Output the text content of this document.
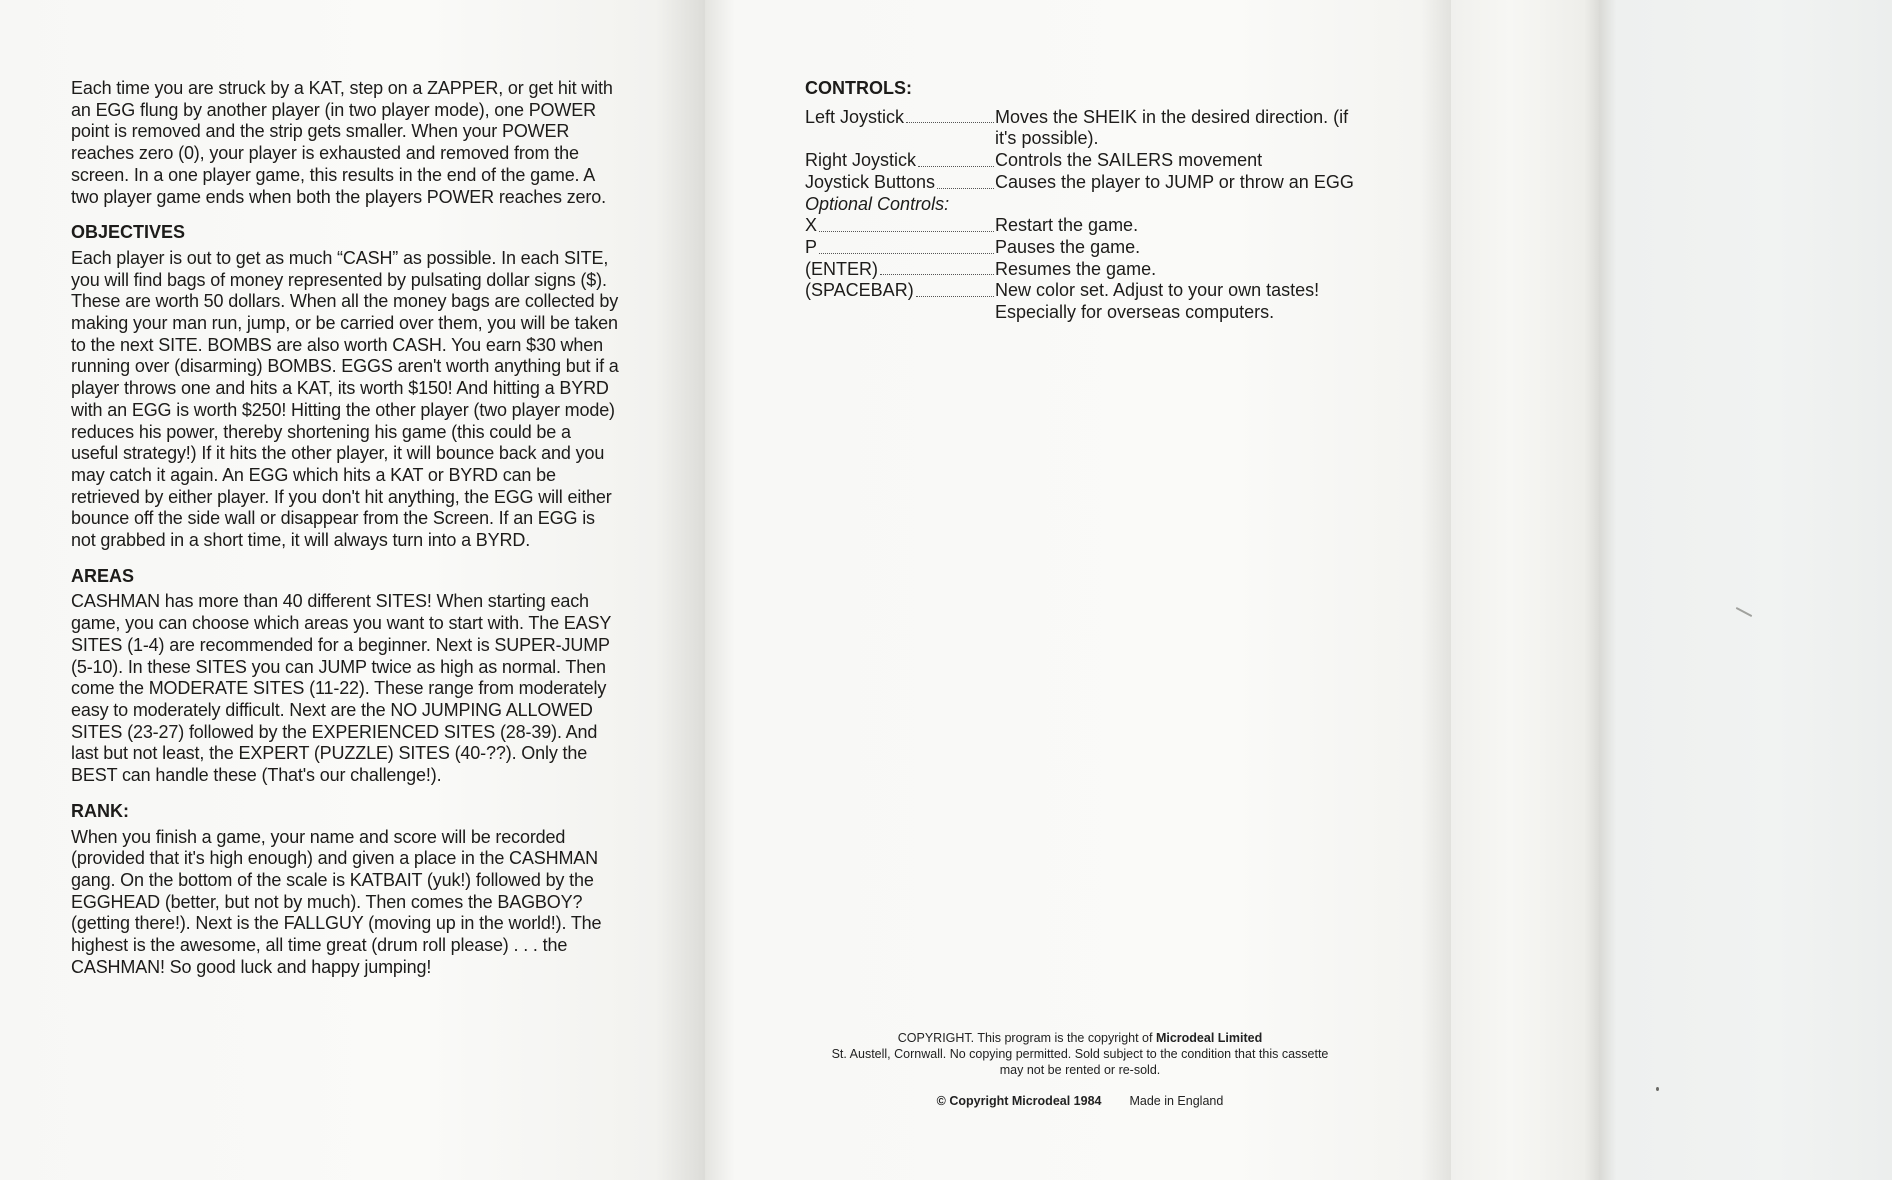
Each time you are struck by a KAT, step on a ZAPPER, or get hit with an EGG flung by another player (in two player mode), one POWER point is removed and the strip gets smaller. When your POWER reaches zero (0), your player is exhausted and removed from the screen. In a one player game, this results in the end of the game. A two player game ends when both the players POWER reaches zero.

OBJECTIVES

Each player is out to get as much “CASH” as possible. In each SITE, you will find bags of money represented by pulsating dollar signs ($). These are worth 50 dollars. When all the money bags are collected by making your man run, jump, or be carried over them, you will be taken to the next SITE. BOMBS are also worth CASH. You earn $30 when running over (disarming) BOMBS. EGGS aren't worth anything but if a player throws one and hits a KAT, its worth $150! And hitting a BYRD with an EGG is worth $250! Hitting the other player (two player mode) reduces his power, thereby shortening his game (this could be a useful strategy!) If it hits the other player, it will bounce back and you may catch it again. An EGG which hits a KAT or BYRD can be retrieved by either player. If you don't hit anything, the EGG will either bounce off the side wall or disappear from the Screen. If an EGG is not grabbed in a short time, it will always turn into a BYRD.

AREAS

CASHMAN has more than 40 different SITES! When starting each game, you can choose which areas you want to start with. The EASY SITES (1-4) are recommended for a beginner. Next is SUPER-JUMP (5-10). In these SITES you can JUMP twice as high as normal. Then come the MODERATE SITES (11-22). These range from moderately easy to moderately difficult. Next are the NO JUMPING ALLOWED SITES (23-27) followed by the EXPERIENCED SITES (28-39). And last but not least, the EXPERT (PUZZLE) SITES (40-??). Only the BEST can handle these (That's our challenge!).

RANK:

When you finish a game, your name and score will be recorded (provided that it's high enough) and given a place in the CASHMAN gang. On the bottom of the scale is KATBAIT (yuk!) followed by the EGGHEAD (better, but not by much). Then comes the BAGBOY? (getting there!). Next is the FALLGUY (moving up in the world!). The highest is the awesome, all time great (drum roll please) . . . the CASHMAN! So good luck and happy jumping!

CONTROLS:
Left Joystick	Moves the SHEIK in the desired direction. (if it's possible).
Right Joystick	Controls the SAILERS movement
Joystick Buttons	Causes the player to JUMP or throw an EGG
Optional Controls:
X	Restart the game.
P	Pauses the game.
(ENTER)	Resumes the game.
(SPACEBAR)	New color set. Adjust to your own tastes!
Especially for overseas computers.
COPYRIGHT. This program is the copyright of Microdeal Limited
St. Austell, Cornwall. No copying permitted. Sold subject to the condition that this cassette
may not be rented or re-sold.
© Copyright Microdeal 1984 Made in England
